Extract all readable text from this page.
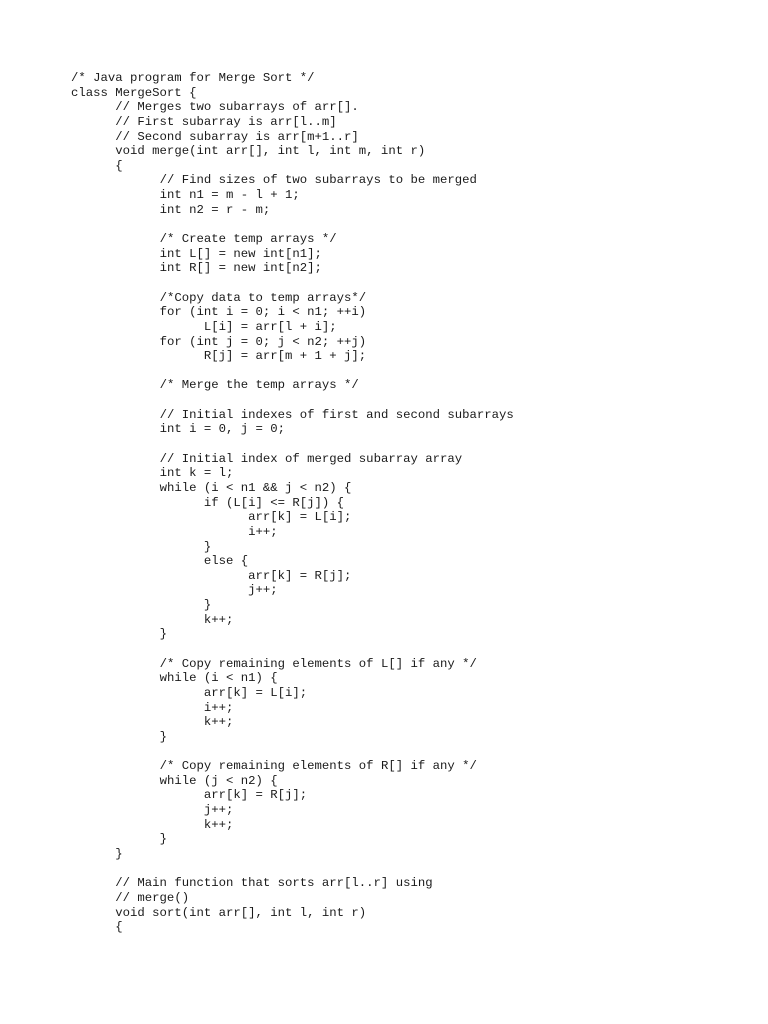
/* Java program for Merge Sort */
class MergeSort {
	// Merges two subarrays of arr[].
	// First subarray is arr[l..m]
	// Second subarray is arr[m+1..r]
	void merge(int arr[], int l, int m, int r)
	{
		// Find sizes of two subarrays to be merged
		int n1 = m - l + 1;
		int n2 = r - m;
		/* Create temp arrays */
		int L[] = new int[n1];
		int R[] = new int[n2];
		/*Copy data to temp arrays*/
		for (int i = 0; i < n1; ++i)
			L[i] = arr[l + i];
		for (int j = 0; j < n2; ++j)
			R[j] = arr[m + 1 + j];
		/* Merge the temp arrays */
		// Initial indexes of first and second subarrays
		int i = 0, j = 0;
		// Initial index of merged subarray array
		int k = l;
		while (i < n1 && j < n2) {
			if (L[i] <= R[j]) {
				arr[k] = L[i];
				i++;
			}
			else {
				arr[k] = R[j];
				j++;
			}
			k++;
		}
		/* Copy remaining elements of L[] if any */
		while (i < n1) {
			arr[k] = L[i];
			i++;
			k++;
		}
		/* Copy remaining elements of R[] if any */
		while (j < n2) {
			arr[k] = R[j];
			j++;
			k++;
		}
	}
	// Main function that sorts arr[l..r] using
	// merge()
	void sort(int arr[], int l, int r)
	{
